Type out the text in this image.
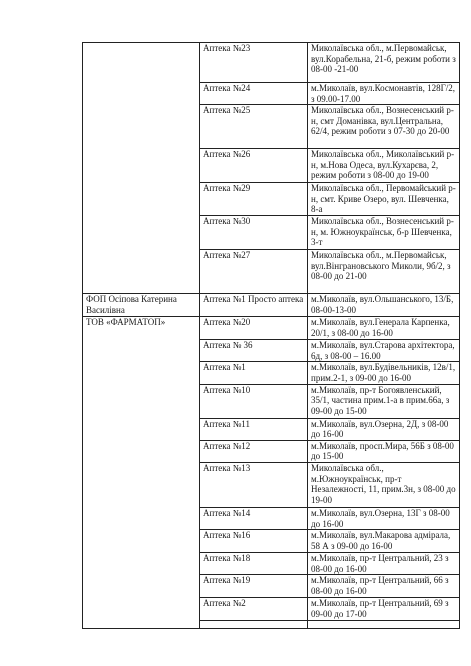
	Аптека №23	Миколаївська обл., м.Первомайськ, вул.Корабельна, 21-б, режим роботи з 08-00 -21-00
	Аптека №24	м.Миколаїв, вул.Космонавтів, 128Г/2, з 09.00-17.00
	Аптека №25	Миколаївська обл., Вознесенський р-н, смт Доманівка, вул.Центральна, 62/4, режим роботи з 07-30 до 20-00
	Аптека №26	Миколаївська обл., Миколаївський р-н, м.Нова Одеса, вул.Кухарєва, 2, режим роботи з 08-00 до 19-00
	Аптека №29	Миколаївська обл., Первомайський р-н, смт. Криве Озеро, вул. Шевченка, 8-а
	Аптека №30	Миколаївська обл., Вознесенський р-н, м. Южноукраїнськ, б-р Шевченка, 3-т
	Аптека №27	Миколаївська обл., м.Первомайськ, вул.Вінграновського Миколи, 9б/2, з 08-00 до 21-00
ФОП Осіпова Катерина Василівна	Аптека №1 Просто аптека	м.Миколаїв, вул.Ольшанського, 13/Б, 08-00-13-00
ТОВ «ФАРМАТОП»	Аптека №20	м.Миколаїв, вул.Генерала Карпенка, 20/1, з 08-00 до 16-00
	Аптека № 36	м.Миколаїв, вул.Старова архітектора, 6д, з 08-00 – 16.00
	Аптека №1	м.Миколаїв, вул.Будівельників, 12в/1, прим.2-1, з 09-00 до 16-00
	Аптека №10	м.Миколаїв, пр-т Богоявленський, 35/1, частина прим.1-а в прим.66а, з 09-00 до 15-00
	Аптека №11	м.Миколаїв, вул.Озерна, 2Д, з 08-00 до 16-00
	Аптека №12	м.Миколаїв, просп.Мира, 56Б з 08-00 до 15-00
	Аптека №13	Миколаївська обл., м.Южноукраїнськ, пр-т Незалежності, 11, прим.3н, з 08-00 до 19-00
	Аптека №14	м.Миколаїв, вул.Озерна, 13Г з 08-00 до 16-00
	Аптека №16	м.Миколаїв, вул.Макарова адмірала, 58 А з 09-00 до 16-00
	Аптека №18	м.Миколаїв, пр-т Центральний, 23 з 08-00 до 16-00
	Аптека №19	м.Миколаїв, пр-т Центральний, 66 з 08-00 до 16-00
	Аптека №2	м.Миколаїв, пр-т Центральний, 69 з 09-00 до 17-00
